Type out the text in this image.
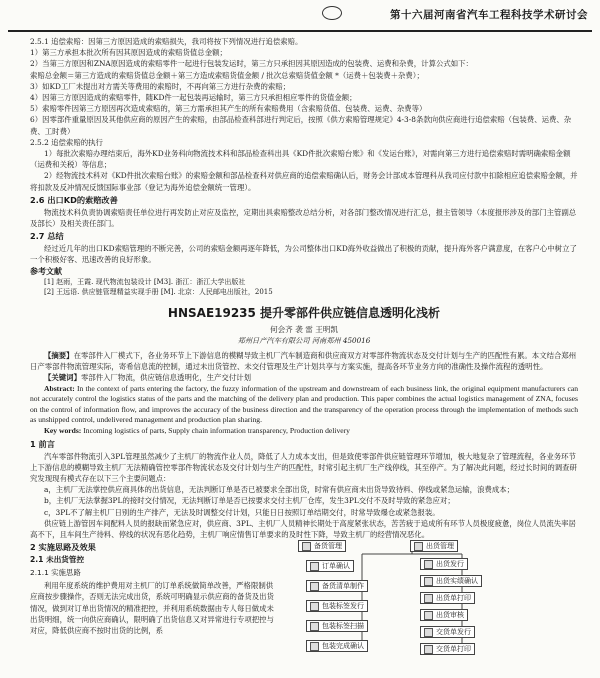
第十六届河南省汽车工程科技学术研讨会

2.5.1 追偿索赔：因第三方原因造成的索赔损失，我司将按下列情况进行追偿索赔。

1）第三方承担本批次所有因其原因造成的索赔货值总金额；

2）当第三方原因和ZNA原因造成的索赔零件一起进行包装发运时，第三方只承担因其原因造成的包装费、运费和杂费，计算公式如下：

索赔总金额＝第三方造成的索赔货值总金额＋第三方造成索赔货值金额 / 批次总索赔货值金额 *（运费＋包装费＋杂费）；

3）如KD工厂未提出对方需关等费用的索赔时，不再向第三方进行杂费的索赔；

4）因第三方原因造成的索赔零件，随KD件一起包装再运输时，第三方只承担相应零件的货值金额；

5）索赔零件因第三方原因再次造成索赔的，第三方需承担其产生的所有索赔费用（含索赔货值、包装费、运费、杂费等）

6）因零部件重量原因及其他供应商的原因产生的索赔，由部品检查科部进行判定后，按照《供方索赔管理规定》4-3-8条款向供应商进行追偿索赔（包装费、运费、杂费、工时费）

2.5.2 追偿索赔的执行

1）每批次索赔办理结束后，海外KD业务科向物流技术科和部品检查科出具《KD件批次索赔台账》和《发运台账》，对需向第三方进行追偿索赔时需明确索赔金额（运费和关税）等信息；

2）经物流技术科对《KD件批次索赔台账》的索赔金额和部品检查科对供应商的追偿索赔确认后，财务会计部成本管理科从我司应付款中扣除相应追偿索赔金额，并将扣款及反冲情况反馈国际事业部（登记为海外追偿金额统一管理）。

2.6 出口KD的索赔改善

物流技术科负责协调索赔责任单位进行再发防止对应及监控，定期出具索赔整改总结分析，对各部门整改情况进行汇总，报主管领导（本度报形涉及的部门主管副总及部长）及相关责任部门。

2.7 总结

经过近几年的出口KD索赔管理的不断完善，公司的索赔金额再逐年降低，为公司整体出口KD海外收益做出了积极的贡献，提升海外客户满意度，在客户心中树立了一个积极好客、迅速改善的良好形象。

参考文献

[1] 赵雨，王霞. 现代物流包装设计 [M3]. 浙江：浙江大学出版社

[2] 王远语. 供应链管理精益实现手册 [M]. 北京：人民邮电出版社，2015

HNSAE19235 提升零部件供应链信息透明化浅析
何会齐 袭 雷 王明凯
郑州日产汽车有限公司 河南郑州 450016

【摘要】在零部件入厂模式下，各业务环节上下游信息的模糊导致主机厂汽车制造商和供应商双方对零部件物流状态及交付计划与生产的匹配性有累。本文结合郑州日产零部件物流管理实际，寄希信息流的控制，通过未出货管控、未交付管理及生产计划共享与方案实施，提高各环节业务方向的准确性及操作流程的透明性。

【关键词】零部件入厂物流，供应链信息透明化，生产交付计划

Abstract: In the context of parts entering the factory, the fuzzy information of the upstream and downstream of each business link, the original equipment manufacturers can not accurately control the logistics status of the parts and the matching of the delivery plan and production. This paper combines the actual logistics management of ZNA, focuses on the control of information flow, and improves the accuracy of the business direction and the transparency of the operation process through the implementation of methods such as unshipped control, undelivered management and production plan sharing.

Key words: Incoming logistics of parts, Supply chain information transparency, Production delivery

1 前言

汽车零部件物流引入3PL管理虽然减少了主机厂的物流作业人员，降低了人力成本支出，但是致使零部件供应链管理环节增加，极大地复杂了管理流程，各业务环节上下游信息的模糊导致主机厂无法精确管控零部件物流状态及交付计划与生产的匹配性，时常引起主机厂生产线停线，其至停产。为了解决此问题，经过长时间的调查研究发现现有模式存在以下三个主要问题点：

a，主机厂无法掌控供应商具体的出货信息，无法判断订单是否已被要求全部出货，时常有供应商未出货导致待料、停线或紧急运输，浪费成本；

b，主机厂无法掌握3PL的接时交付情况，无法判断订单是否已按要求交付主机厂仓库，发生3PL交付不及时导致的紧急应对；

c，3PL不了解主机厂日别的生产排产，无法及时调整交付计划，只能日日按照订单结期交付，时常导致爆仓或紧急报装。

供应链上游管因车间配料人员的报缺而紧急应对，供应商、3PL、主机厂人员精神长期处于高度紧张状态，苦苦疲于追成所有环节人员极度疲惫，岗位人员流失率居高不下，且车间生产待料、停线的状况有恶化趋势，主机厂响应情售订单要求的及时性下降，导致主机厂的经营情况恶化。

2 实施思路及效果
2.1 未出货管控
2.1.1 实施思路

利用年度系统的维护费用对主机厂的订单系统做简单改善，严格限制供应商按步骤操作，否则无法完成出货，系统可明确显示供应商的备货及出货情况，做到对订单出货情况的精准把控，并利用系统数据由专人每日做成未出货明细，统一向供应商确认，限明确了出货信息又对异常进行专项把控与对应，降低供应商不按时出货的比例，系

备货管理	出货管理
订单确认
备货清单制作
包装标签发行
包装标签扫描
包装完成确认
出货发行
出货实绩确认
出货单打印
出货审核
交货单发行
交货单打印
